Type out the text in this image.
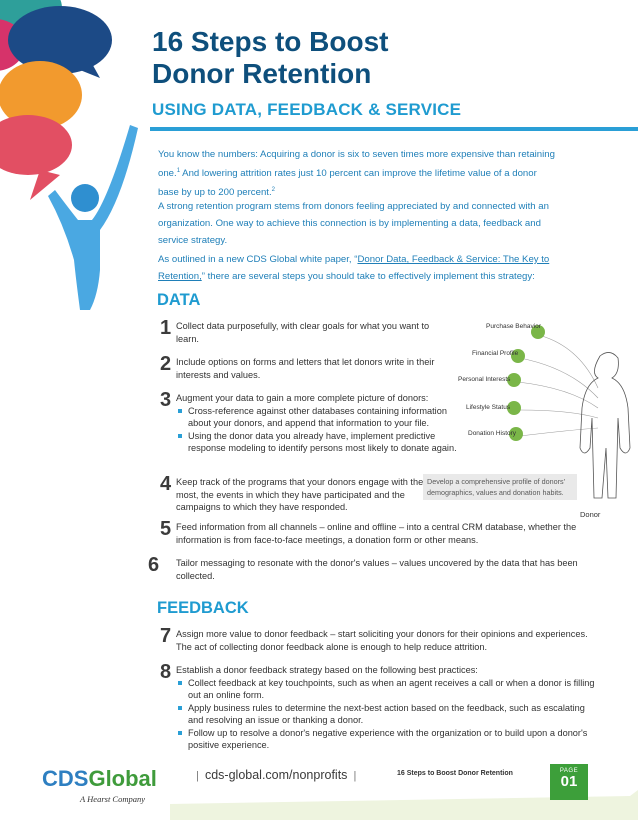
16 Steps to Boost
Donor Retention
USING DATA, FEEDBACK & SERVICE

You know the numbers: Acquiring a donor is six to seven times more expensive than retaining one.$^1$ And lowering attrition rates just 10 percent can improve the lifetime value of a donor base by up to 200 percent.$^2$

A strong retention program stems from donors feeling appreciated by and connected with an organization. One way to achieve this connection is by implementing a data, feedback and service strategy.

As outlined in a new CDS Global white paper, “Donor Data, Feedback & Service: The Key to Retention,” there are several steps you should take to effectively implement this strategy:

DATA
1 Collect data purposefully, with clear goals for what you want to learn.
2 Include options on forms and letters that let donors write in their interests and values.
3 Augment your data to gain a more complete picture of donors:
Cross-reference against other databases containing information about your donors, and append that information to your file.
Using the donor data you already have, implement predictive response modeling to identify persons most likely to donate again.
4 Keep track of the programs that your donors engage with the most, the events in which they have participated and the campaigns to which they have responded.
Purchase Behavior
Financial Profile
Personal Interests
Lifestyle Status
Donation History
Develop a comprehensive profile of donors' demographics, values and donation habits.
Donor
5 Feed information from all channels – online and offline – into a central CRM database, whether the information is from face-to-face meetings, a donation form or other means.
6 Tailor messaging to resonate with the donor's values – values uncovered by the data that has been collected.
FEEDBACK
7 Assign more value to donor feedback – start soliciting your donors for their opinions and experiences. The act of collecting donor feedback alone is enough to help reduce attrition.
8 Establish a donor feedback strategy based on the following best practices:
Collect feedback at key touchpoints, such as when an agent receives a call or when a donor is filling out an online form.
Apply business rules to determine the next-best action based on the feedback, such as escalating and resolving an issue or thanking a donor.
Follow up to resolve a donor's negative experience with the organization or to build upon a donor's positive experience.
CDSGlobal
A Hearst Company
|  cds-global.com/nonprofits  |	16 Steps to Boost Donor Retention	PAGE
01
